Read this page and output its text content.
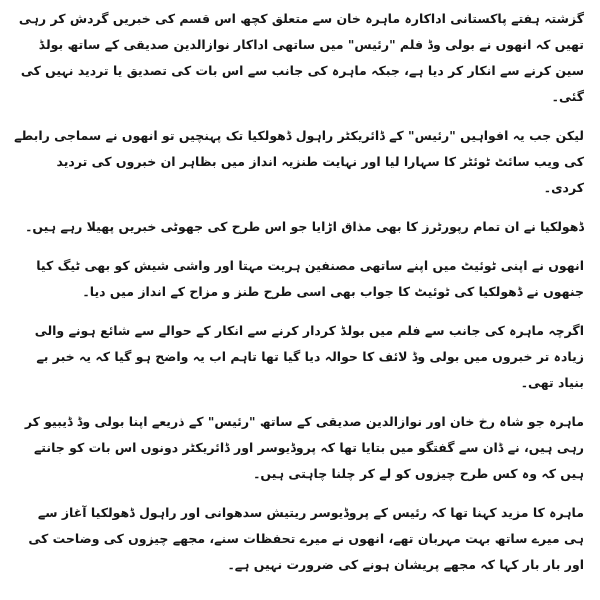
گزشتہ ہفتے پاکستانی اداکارہ ماہرہ خان سے متعلق کچھ اس قسم کی خبریں گردش کر رہی تھیں کہ انھوں نے بولی وڈ فلم "رئیس" میں ساتھی اداکار نوازالدین صدیقی کے ساتھ بولڈ سین کرنے سے انکار کر دیا ہے، جبکہ ماہرہ کی جانب سے اس بات کی تصدیق یا تردید نہیں کی گئی۔

لیکن جب یہ افواہیں "رئیس" کے ڈائریکٹر راہول ڈھولکیا تک پہنچیں تو انھوں نے سماجی رابطے کی ویب سائٹ ٹوئٹر کا سہارا لیا اور نہایت طنزیہ انداز میں بظاہر ان خبروں کی تردید کردی۔

ڈھولکیا نے ان تمام رپورٹرز کا بھی مذاق اڑایا جو اس طرح کی جھوٹی خبریں پھیلا رہے ہیں۔

انھوں نے اپنی ٹوئیٹ میں اپنے ساتھی مصنفین ہریت مہتا اور واشی شیش کو بھی ٹیگ کیا جنھوں نے ڈھولکیا کی ٹوئیٹ کا جواب بھی اسی طرح طنز و مزاح کے انداز میں دیا۔

اگرچہ ماہرہ کی جانب سے فلم میں بولڈ کردار کرنے سے انکار کے حوالے سے شائع ہونے والی زیادہ تر خبروں میں بولی وڈ لائف کا حوالہ دیا گیا تھا تاہم اب یہ واضح ہو گیا کہ یہ خبر بے بنیاد تھی۔

ماہرہ جو شاہ رخ خان اور نوازالدین صدیقی کے ساتھ "رئیس" کے ذریعے اپنا بولی وڈ ڈیبیو کر رہی ہیں، نے ڈان سے گفتگو میں بتایا تھا کہ پروڈیوسر اور ڈائریکٹر دونوں اس بات کو جانتے ہیں کہ وہ کس طرح چیزوں کو لے کر چلنا چاہتی ہیں۔

ماہرہ کا مزید کہنا تھا کہ رئیس کے پروڈیوسر ریتیش سدھوانی اور راہول ڈھولکیا آغاز سے ہی میرے ساتھ بہت مہربان تھے، انھوں نے میرے تحفظات سنے، مجھے چیزوں کی وضاحت کی اور بار بار کہا کہ مجھے پریشان ہونے کی ضرورت نہیں ہے۔
